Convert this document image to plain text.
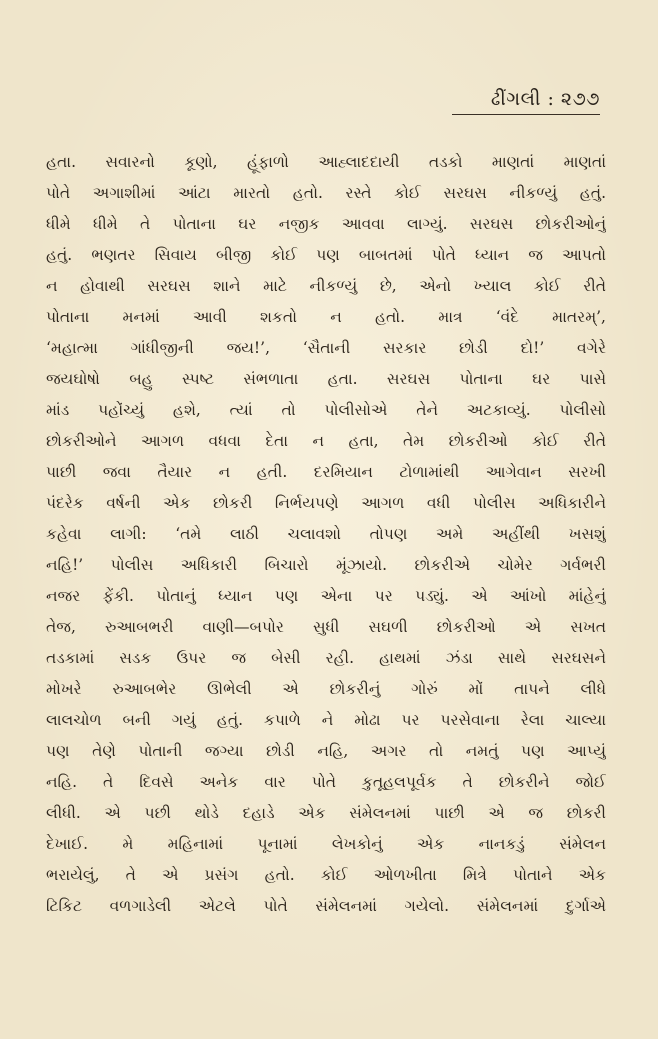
ઢીંગલી : ૨૭૭
હતા. સવારનો કૂણો, હૂંફાળો આહ્લાદદાયી તડકો માણતાં માણતાં
પોતે અગાશીમાં આંટા મારતો હતો. રસ્તે કોઈ સરઘસ નીકળ્યું હતું.
ધીમે ધીમે તે પોતાના ઘર નજીક આવવા લાગ્યું. સરઘસ છોકરીઓનું
હતું. ભણતર સિવાય બીજી કોઈ પણ બાબતમાં પોતે ધ્યાન જ આપતો
ન હોવાથી સરઘસ શાને માટે નીકળ્યું છે, એનો ખ્યાલ કોઈ રીતે
પોતાના મનમાં આવી શકતો ન હતો. માત્ર ‘વંદે માતરમ્’,
‘મહાત્મા ગાંધીજીની જય!’, ‘સૈતાની સરકાર છોડી દો!’ વગેરે
જયઘોષો બહુ સ્પષ્ટ સંભળાતા હતા. સરઘસ પોતાના ઘર પાસે
માંડ પહોંચ્યું હશે, ત્યાં તો પોલીસોએ તેને અટકાવ્યું. પોલીસો
છોકરીઓને આગળ વધવા દેતા ન હતા, તેમ છોકરીઓ કોઈ રીતે
પાછી જવા તૈયાર ન હતી. દરમિયાન ટોળામાંથી આગેવાન સરખી
પંદરેક વર્ષની એક છોકરી નિર્ભયપણે આગળ વધી પોલીસ અધિકારીને
કહેવા લાગી: ‘તમે લાઠી ચલાવશો તોપણ અમે અહીંથી ખસશું
નહિ!’ પોલીસ અધિકારી બિચારો મૂંઝાયો. છોકરીએ ચોમેર ગર્વભરી
નજર ફેંકી. પોતાનું ધ્યાન પણ એના પર પડ્યું. એ આંખો માંહેનું
તેજ, રુઆબભરી વાણી—બપોર સુધી સઘળી છોકરીઓ એ સખત
તડકામાં સડક ઉપર જ બેસી રહી. હાથમાં ઝંડા સાથે સરઘસને
મોખરે રુઆબભેર ઊભેલી એ છોકરીનું ગોરું મોં તાપને લીધે
લાલચોળ બની ગયું હતું. કપાળે ને મોઢા પર પરસેવાના રેલા ચાલ્યા
પણ તેણે પોતાની જગ્યા છોડી નહિ, અગર તો નમતું પણ આપ્યું
નહિ. તે દિવસે અનેક વાર પોતે કુતૂહલપૂર્વક તે છોકરીને જોઈ
લીધી. એ પછી થોડે દહાડે એક સંમેલનમાં પાછી એ જ છોકરી
દેખાઈ. મે મહિનામાં પૂનામાં લેખકોનું એક નાનકડું સંમેલન
ભરાયેલું, તે એ પ્રસંગ હતો. કોઈ ઓળખીતા મિત્રે પોતાને એક
ટિકિટ વળગાડેલી એટલે પોતે સંમેલનમાં ગયેલો. સંમેલનમાં દુર્ગાએ
